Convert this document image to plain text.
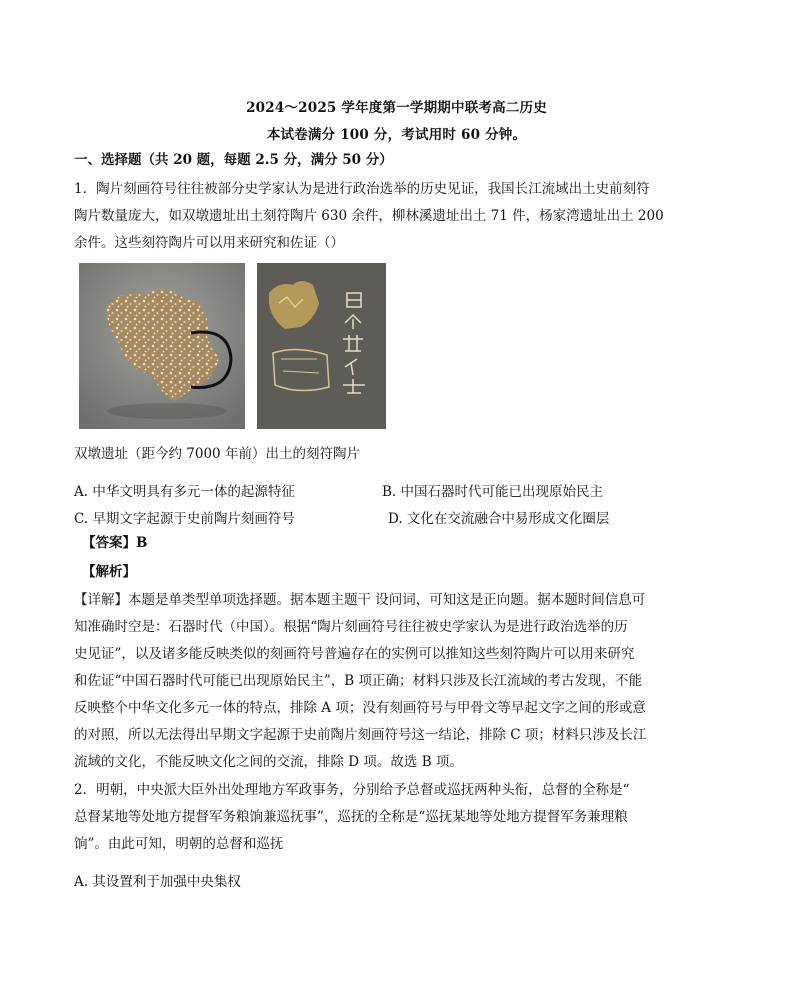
2024～2025 学年度第一学期期中联考高二历史
本试卷满分 100 分，考试用时 60 分钟。
一、选择题（共 20 题，每题 2.5 分，满分 50 分）
1．陶片刻画符号往往被部分史学家认为是进行政治选举的历史见证，我国长江流域出土史前刻符
陶片数量庞大，如双墩遗址出土刻符陶片 630 余件，柳林溪遗址出土 71 件，杨家湾遗址出土 200
余件。这些刻符陶片可以用来研究和佐证（）
双墩遗址（距今约 7000 年前）出土的刻符陶片
A. 中华文明具有多元一体的起源特征	B. 中国石器时代可能已出现原始民主
C. 早期文字起源于史前陶片刻画符号	D. 文化在交流融合中易形成文化圈层
【答案】B
【解析】
【详解】本题是单类型单项选择题。据本题主题干 设问词，可知这是正向题。据本题时间信息可
知准确时空是：石器时代（中国）。根据“陶片刻画符号往往被史学家认为是进行政治选举的历
史见证”，以及诸多能反映类似的刻画符号普遍存在的实例可以推知这些刻符陶片可以用来研究
和佐证“中国石器时代可能已出现原始民主”，B 项正确；材料只涉及长江流域的考古发现，不能
反映整个中华文化多元一体的特点，排除 A 项；没有刻画符号与甲骨文等早起文字之间的形或意
的对照，所以无法得出早期文字起源于史前陶片刻画符号这一结论，排除 C 项；材料只涉及长江
流域的文化，不能反映文化之间的交流，排除 D 项。故选 B 项。
2．明朝，中央派大臣外出处理地方军政事务，分别给予总督或巡抚两种头衔，总督的全称是“
总督某地等处地方提督军务粮饷兼巡抚事”，巡抚的全称是“巡抚某地等处地方提督军务兼理粮
饷”。由此可知，明朝的总督和巡抚
A. 其设置利于加强中央集权
